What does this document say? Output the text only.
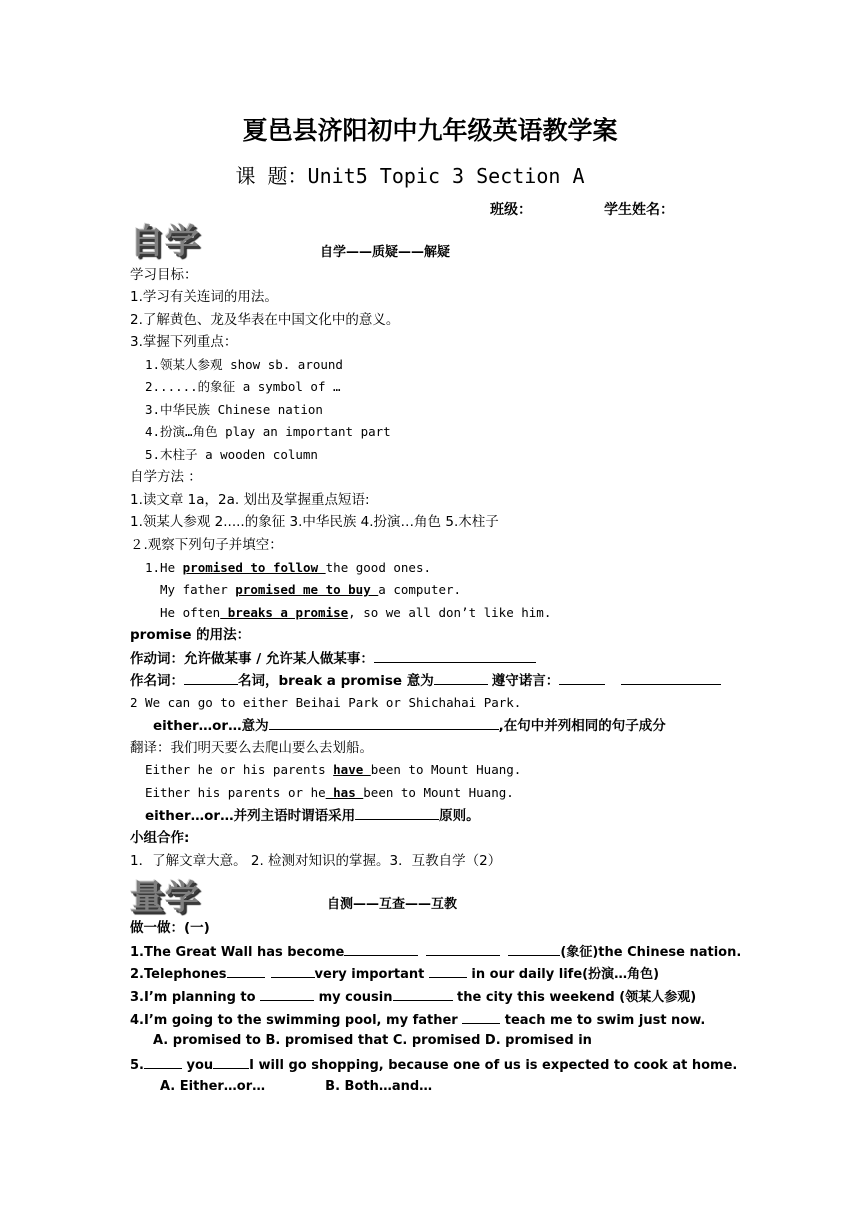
夏邑县济阳初中九年级英语教学案
课 题：Unit5 Topic 3 Section A
班级：	学生姓名：
自学	自学——质疑——解疑
学习目标：
1.学习有关连词的用法。
2.了解黄色、龙及华表在中国文化中的意义。
3.掌握下列重点：
1.领某人参观 show sb. around
2......的象征 a symbol of …
3.中华民族 Chinese nation
4.扮演…角色 play an important part
5.木柱子 a wooden column
自学方法 ：
1.读文章 1a，2a. 划出及掌握重点短语:
1.领某人参观 2.....的象征 3.中华民族 4.扮演…角色 5.木柱子
２.观察下列句子并填空：
1.He promised to follow the good ones.
My father promised me to buy a computer.
He often breaks a promise, so we all don’t like him.
promise 的用法：
作动词：允许做某事 / 允许某人做某事：
作名词：	名词，break a promise 意为	遵守诺言：
2 We can go to either Beihai Park or Shichahai Park.
either…or…意为	,在句中并列相同的句子成分
翻译：我们明天要么去爬山要么去划船。
Either he or his parents have been to Mount Huang.
Either his parents or he has been to Mount Huang.
either…or…并列主语时谓语采用	原则。
小组合作:
1．了解文章大意。 2. 检测对知识的掌握。3．互教自学（2）
量学	自测——互查——互教
做一做：(一)
1.The Great Wall has become	(象征)the Chinese nation.
2.Telephones	very important	in our daily life(扮演…角色)
3.I’m planning to	my cousin	the city this weekend (领某人参观)
4.I’m going to the swimming pool, my father	teach me to swim just now.
A. promised to B. promised that C. promised D. promised in
5.	you	I will go shopping, because one of us is expected to cook at home.
A. Either…or…	B. Both…and…
